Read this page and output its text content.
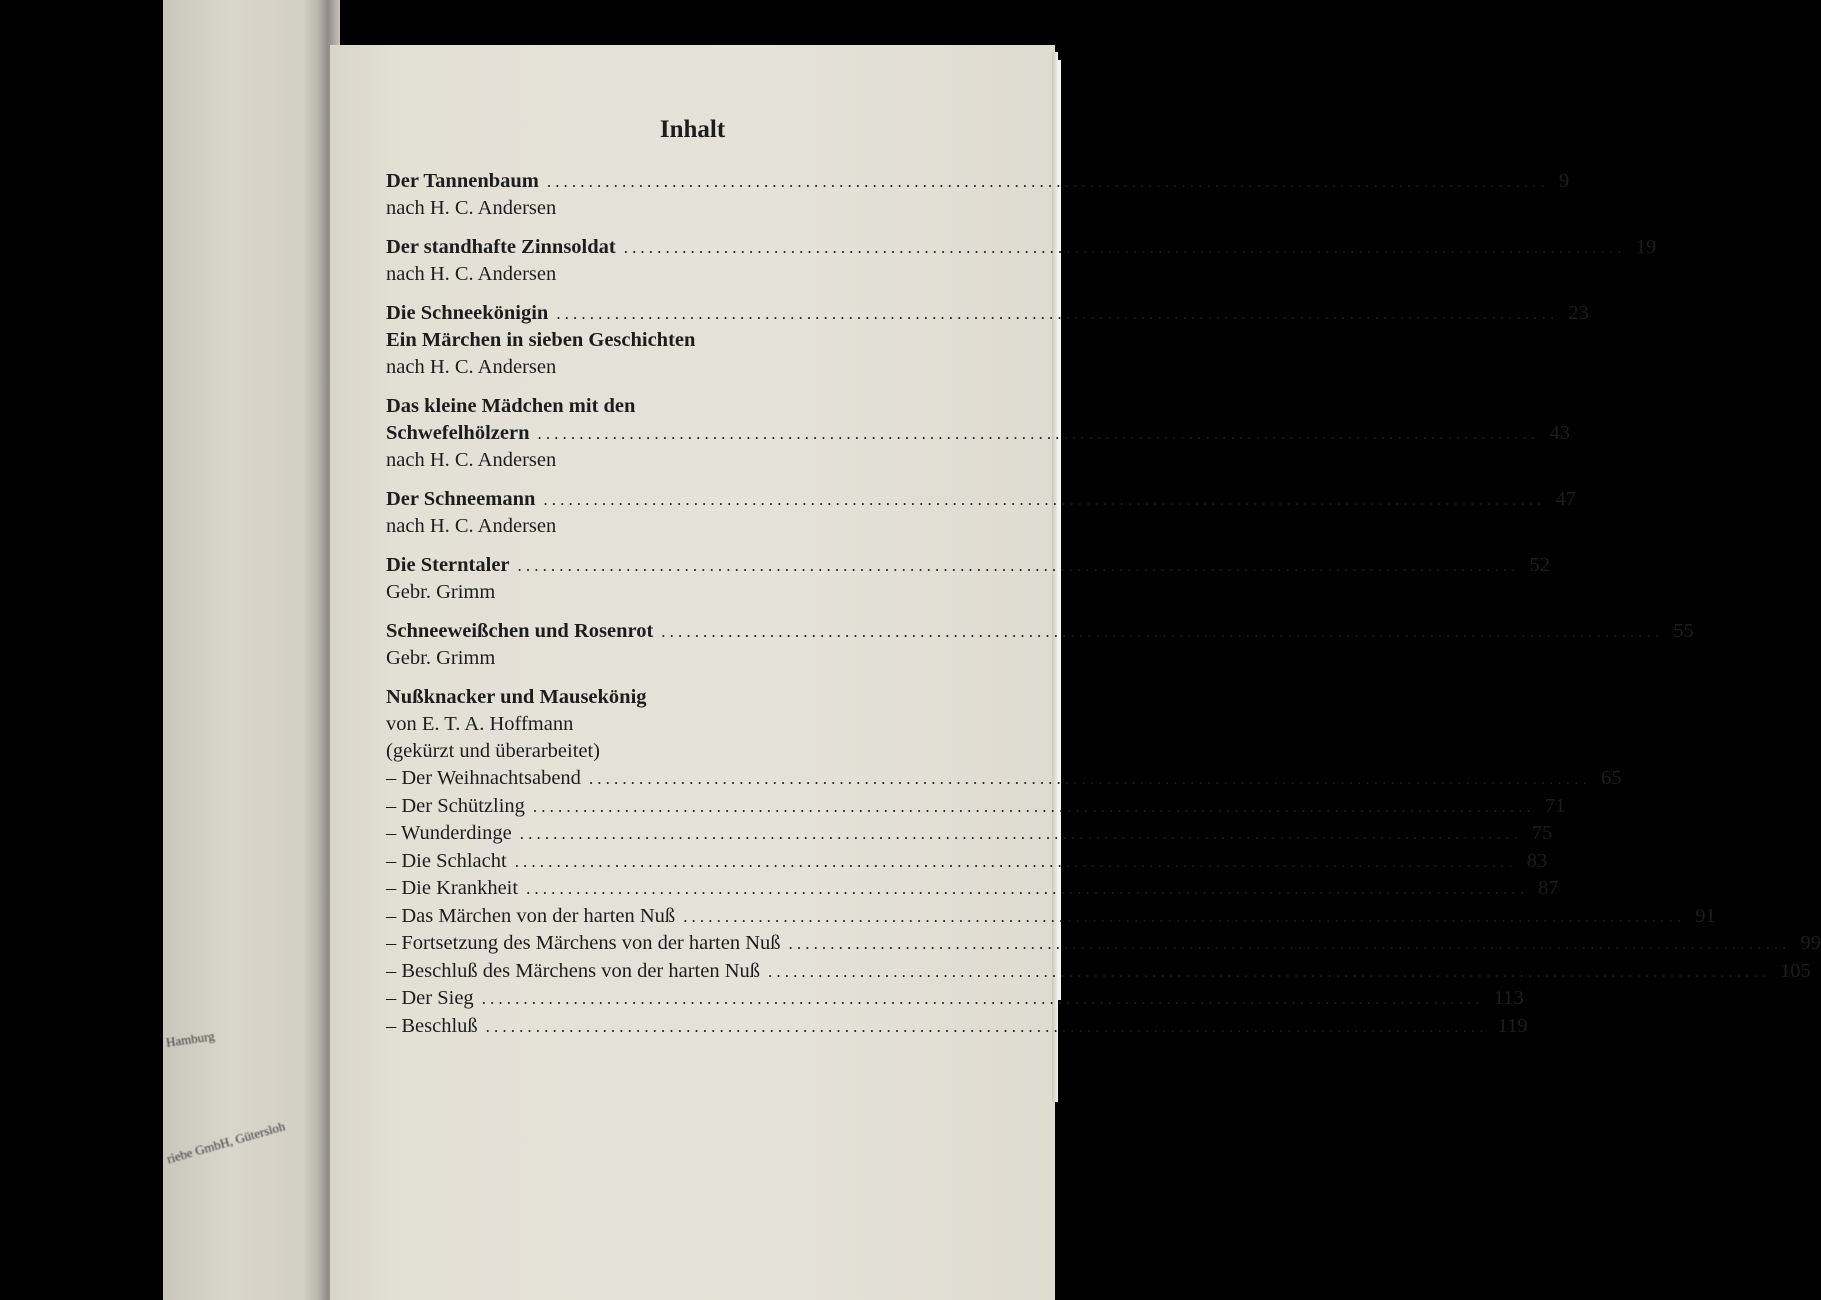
Hamburg
riebe GmbH, Gütersloh
Inhalt
Der Tannenbaum ........................................................................................................................ 9
nach H. C. Andersen
Der standhafte Zinnsoldat ........................................................................................................................ 19
nach H. C. Andersen
Die Schneekönigin ........................................................................................................................ 23
Ein Märchen in sieben Geschichten
nach H. C. Andersen
Das kleine Mädchen mit den
Schwefelhölzern ........................................................................................................................ 43
nach H. C. Andersen
Der Schneemann ........................................................................................................................ 47
nach H. C. Andersen
Die Sterntaler ........................................................................................................................ 52
Gebr. Grimm
Schneeweißchen und Rosenrot ........................................................................................................................ 55
Gebr. Grimm
Nußknacker und Mausekönig
von E. T. A. Hoffmann
(gekürzt und überarbeitet)
– Der Weihnachtsabend ........................................................................................................................ 65
– Der Schützling ........................................................................................................................ 71
– Wunderdinge ........................................................................................................................ 75
– Die Schlacht ........................................................................................................................ 83
– Die Krankheit ........................................................................................................................ 87
– Das Märchen von der harten Nuß ........................................................................................................................ 91
– Fortsetzung des Märchens von der harten Nuß ........................................................................................................................ 99
– Beschluß des Märchens von der harten Nuß ........................................................................................................................ 105
– Der Sieg ........................................................................................................................ 113
– Beschluß ........................................................................................................................ 119
